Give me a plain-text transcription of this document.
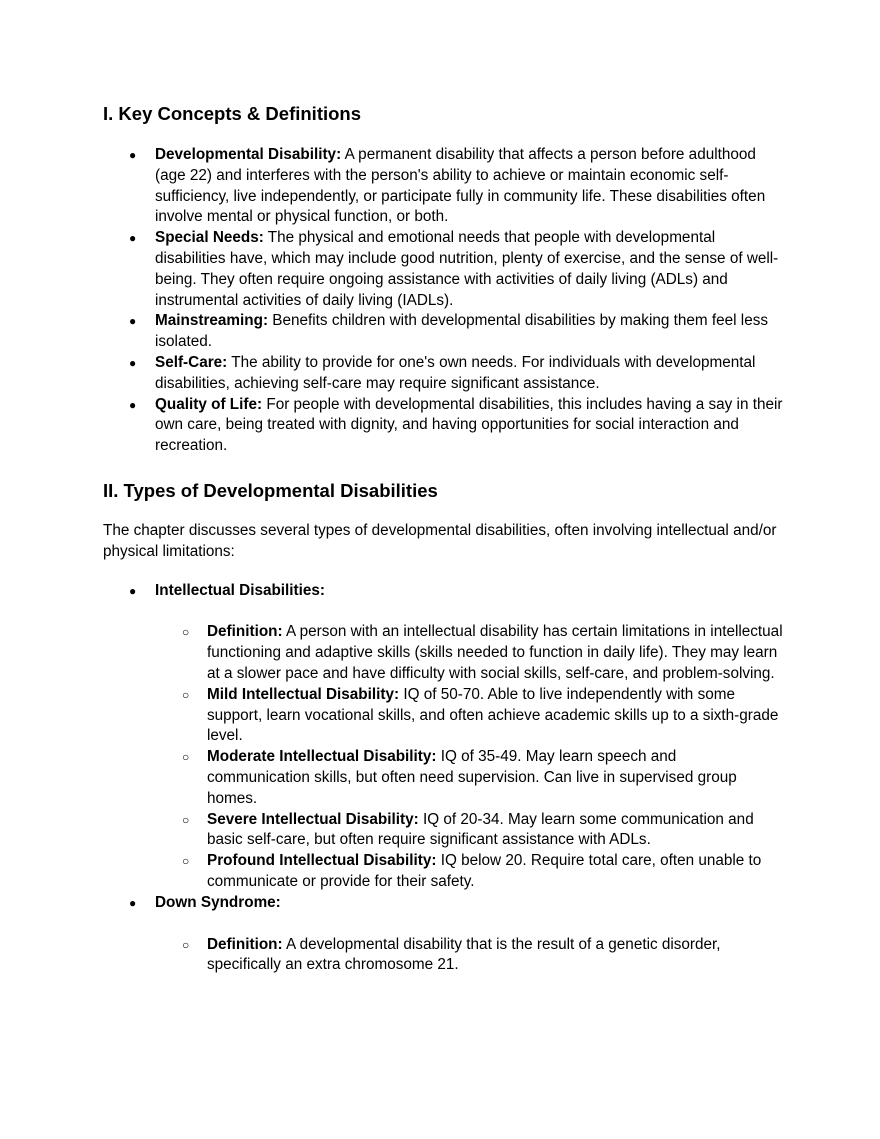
I. Key Concepts & Definitions
● Developmental Disability: A permanent disability that affects a person before adulthood (age 22) and interferes with the person's ability to achieve or maintain economic self-sufficiency, live independently, or participate fully in community life. These disabilities often involve mental or physical function, or both.
● Special Needs: The physical and emotional needs that people with developmental disabilities have, which may include good nutrition, plenty of exercise, and the sense of well-being. They often require ongoing assistance with activities of daily living (ADLs) and instrumental activities of daily living (IADLs).
● Mainstreaming: Benefits children with developmental disabilities by making them feel less isolated.
● Self-Care: The ability to provide for one's own needs. For individuals with developmental disabilities, achieving self-care may require significant assistance.
● Quality of Life: For people with developmental disabilities, this includes having a say in their own care, being treated with dignity, and having opportunities for social interaction and recreation.
II. Types of Developmental Disabilities

The chapter discusses several types of developmental disabilities, often involving intellectual and/or physical limitations:

● Intellectual Disabilities:
○ Definition: A person with an intellectual disability has certain limitations in intellectual functioning and adaptive skills (skills needed to function in daily life). They may learn at a slower pace and have difficulty with social skills, self-care, and problem-solving.
○ Mild Intellectual Disability: IQ of 50-70. Able to live independently with some support, learn vocational skills, and often achieve academic skills up to a sixth-grade level.
○ Moderate Intellectual Disability: IQ of 35-49. May learn speech and communication skills, but often need supervision. Can live in supervised group homes.
○ Severe Intellectual Disability: IQ of 20-34. May learn some communication and basic self-care, but often require significant assistance with ADLs.
○ Profound Intellectual Disability: IQ below 20. Require total care, often unable to communicate or provide for their safety.
● Down Syndrome:
○ Definition: A developmental disability that is the result of a genetic disorder, specifically an extra chromosome 21.
